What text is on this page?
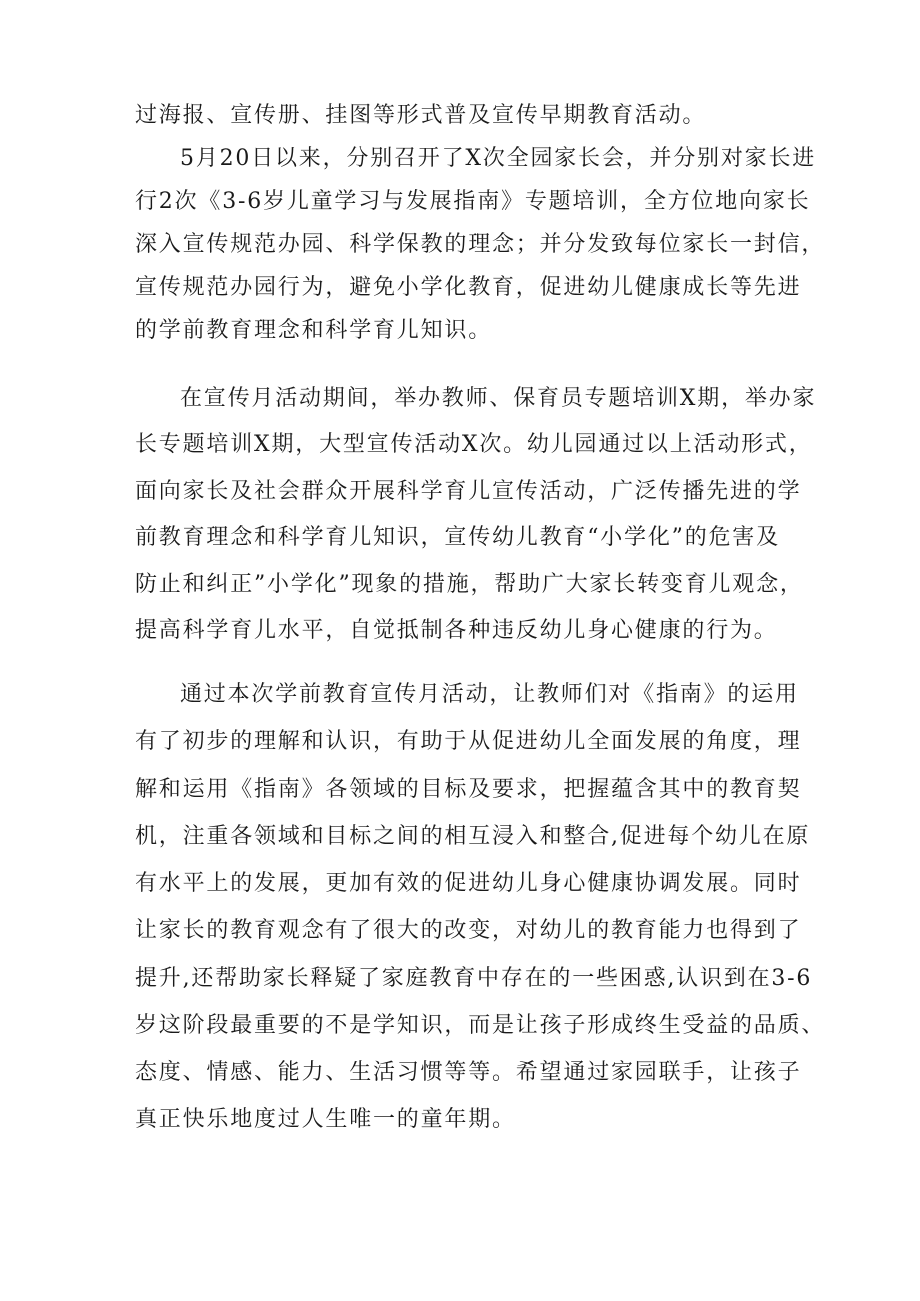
过海报、宣传册、挂图等形式普及宣传早期教育活动。
5月20日以来，分别召开了X次全园家长会，并分别对家长进
行2次《3-6岁儿童学习与发展指南》专题培训，全方位地向家长
深入宣传规范办园、科学保教的理念；并分发致每位家长一封信，
宣传规范办园行为，避免小学化教育，促进幼儿健康成长等先进
的学前教育理念和科学育儿知识。
在宣传月活动期间，举办教师、保育员专题培训X期，举办家
长专题培训X期，大型宣传活动X次。幼儿园通过以上活动形式，
面向家长及社会群众开展科学育儿宣传活动，广泛传播先进的学
前教育理念和科学育儿知识，宣传幼儿教育“小学化”的危害及
防止和纠正”小学化”现象的措施，帮助广大家长转变育儿观念，
提高科学育儿水平，自觉抵制各种违反幼儿身心健康的行为。
通过本次学前教育宣传月活动，让教师们对《指南》的运用
有了初步的理解和认识，有助于从促进幼儿全面发展的角度，理
解和运用《指南》各领域的目标及要求，把握蕴含其中的教育契
机，注重各领域和目标之间的相互浸入和整合,促进每个幼儿在原
有水平上的发展，更加有效的促进幼儿身心健康协调发展。同时
让家长的教育观念有了很大的改变，对幼儿的教育能力也得到了
提升,还帮助家长释疑了家庭教育中存在的一些困惑,认识到在3-6
岁这阶段最重要的不是学知识，而是让孩子形成终生受益的品质、
态度、情感、能力、生活习惯等等。希望通过家园联手，让孩子
真正快乐地度过人生唯一的童年期。
